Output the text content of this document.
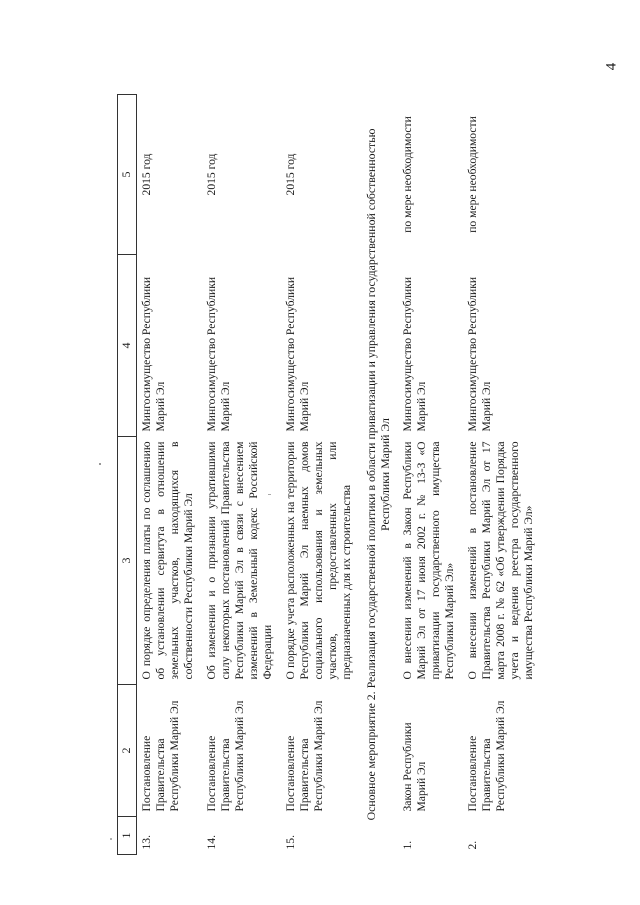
4
1	2	3	4	5
13.	Постановление Правительства Республики Марий Эл	О порядке определения платы по соглашению об установлении сервитута в отношении земельных участков, находящихся в собственности Республики Марий Эл	Мингосимущество Республики Марий Эл	2015 год
14.	Постановление Правительства Республики Марий Эл	Об изменении и о признании утратившими силу некоторых постановлений Правительства Республики Марий Эл в связи с внесением изменений в Земельный кодекс Российской Федерации	Мингосимущество Республики Марий Эл	2015 год
15.	Постановление Правительства Республики Марий Эл	О порядке учета расположенных на территории Республики Марий Эл наемных домов социального использования и земельных участков, предоставленных или предназначенных для их строительства	Мингосимущество Республики Марий Эл	2015 год
Основное мероприятие 2. Реализация государственной политики в области приватизации и управления государственной собственностью Республики Марий Эл				
1.	Закон Республики Марий Эл	О внесении изменений в Закон Республики Марий Эл от 17 июня 2002 г. № 13-З «О приватизации государственного имущества Республики Марий Эл»	Мингосимущество Республики Марий Эл	по мере необходимости
2.	Постановление Правительства Республики Марий Эл	О внесении изменений в постановление Правительства Республики Марий Эл от 17 марта 2008 г. № 62 «Об утверждении Порядка учета и ведения реестра государственного имущества Республики Марий Эл»	Мингосимущество Республики Марий Эл	по мере необходимости
